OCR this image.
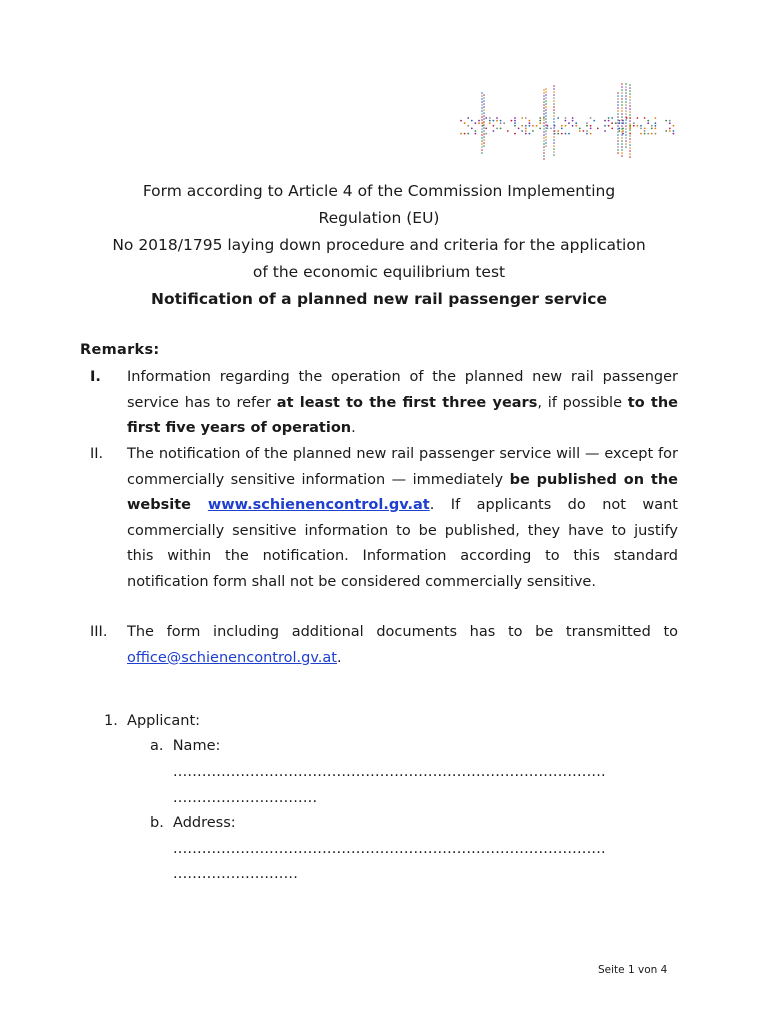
Form according to Article 4 of the Commission Implementing
Regulation (EU)
No 2018/1795 laying down procedure and criteria for the application
of the economic equilibrium test
Notification of a planned new rail passenger service
Remarks:
I. Information regarding the operation of the planned new rail passenger service has to refer at least to the first three years, if possible to the first five years of operation.
II. The notification of the planned new rail passenger service will — except for commercially sensitive information — immediately be published on the website www.schienencontrol.gv.at. If applicants do not want commercially sensitive information to be published, they have to justify this within the notification. Information according to this standard notification form shall not be considered commercially sensitive.
III. The form including additional documents has to be transmitted to office@schienencontrol.gv.at.
1.  Applicant:
a.  Name:
..........................................................................................
..............................
b.  Address:
..........................................................................................
..........................
Seite 1 von 4
